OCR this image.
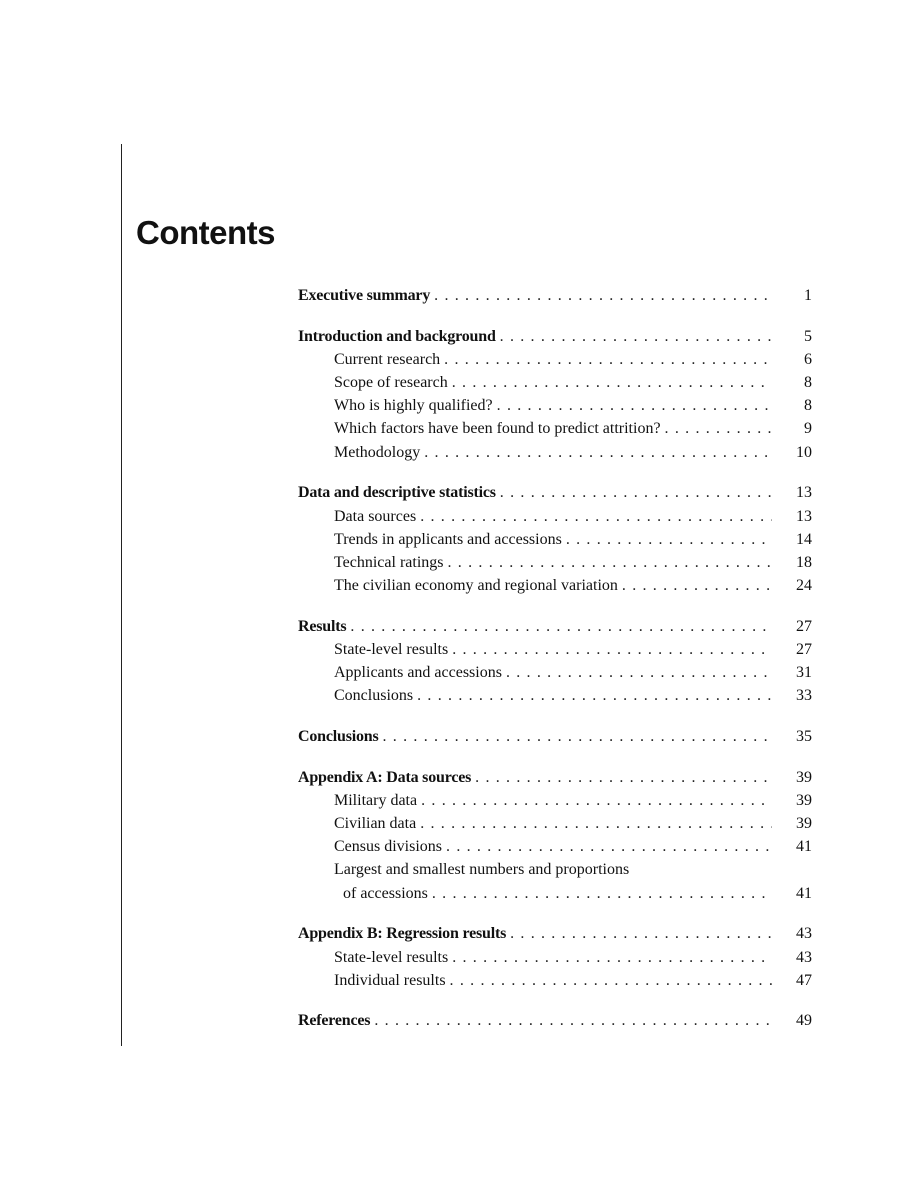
Contents
Executive summary . . .	1
Introduction and background . . .	5
Current research . . .	6
Scope of research . . .	8
Who is highly qualified? . . .	8
Which factors have been found to predict attrition? . . .	9
Methodology . . .	10
Data and descriptive statistics . . .	13
Data sources . . .	13
Trends in applicants and accessions . . .	14
Technical ratings . . .	18
The civilian economy and regional variation . . .	24
Results . . .	27
State-level results . . .	27
Applicants and accessions . . .	31
Conclusions . . .	33
Conclusions . . .	35
Appendix A: Data sources . . .	39
Military data . . .	39
Civilian data . . .	39
Census divisions . . .	41
Largest and smallest numbers and proportions
of accessions . . .	41
Appendix B: Regression results . . .	43
State-level results . . .	43
Individual results . . .	47
References . . .	49
